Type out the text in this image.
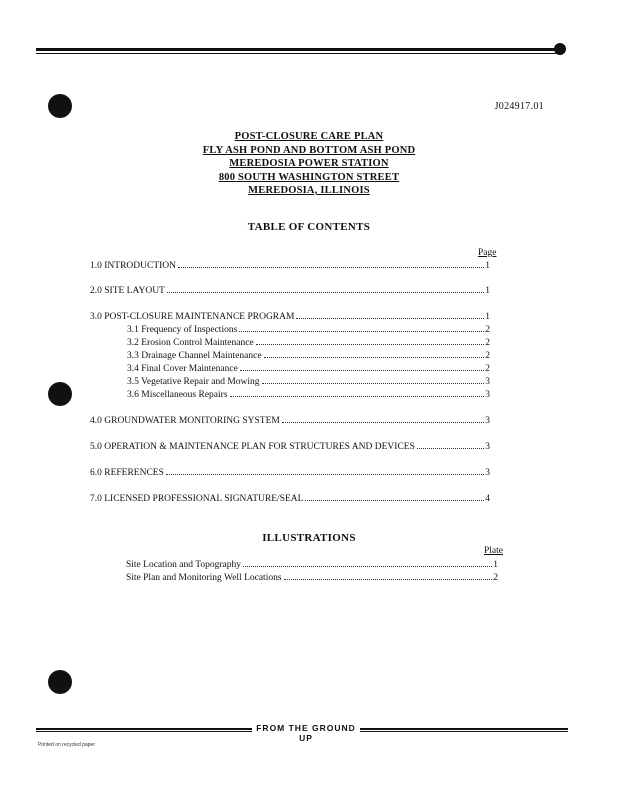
J024917.01
POST-CLOSURE CARE PLAN
FLY ASH POND AND BOTTOM ASH POND
MEREDOSIA POWER STATION
800 SOUTH WASHINGTON STREET
MEREDOSIA, ILLINOIS
TABLE OF CONTENTS
Page
1.0 INTRODUCTION	1
2.0 SITE LAYOUT	1
3.0 POST-CLOSURE MAINTENANCE PROGRAM	1
3.1 Frequency of Inspections	2
3.2 Erosion Control Maintenance	2
3.3 Drainage Channel Maintenance	2
3.4 Final Cover Maintenance	2
3.5 Vegetative Repair and Mowing	3
3.6 Miscellaneous Repairs	3
4.0 GROUNDWATER MONITORING SYSTEM	3
5.0 OPERATION & MAINTENANCE PLAN FOR STRUCTURES AND DEVICES	3
6.0 REFERENCES	3
7.0 LICENSED PROFESSIONAL SIGNATURE/SEAL	4
ILLUSTRATIONS
Plate
Site Location and Topography	1
Site Plan and Monitoring Well Locations	2
FROM THE GROUND UP
Printed on recycled paper
